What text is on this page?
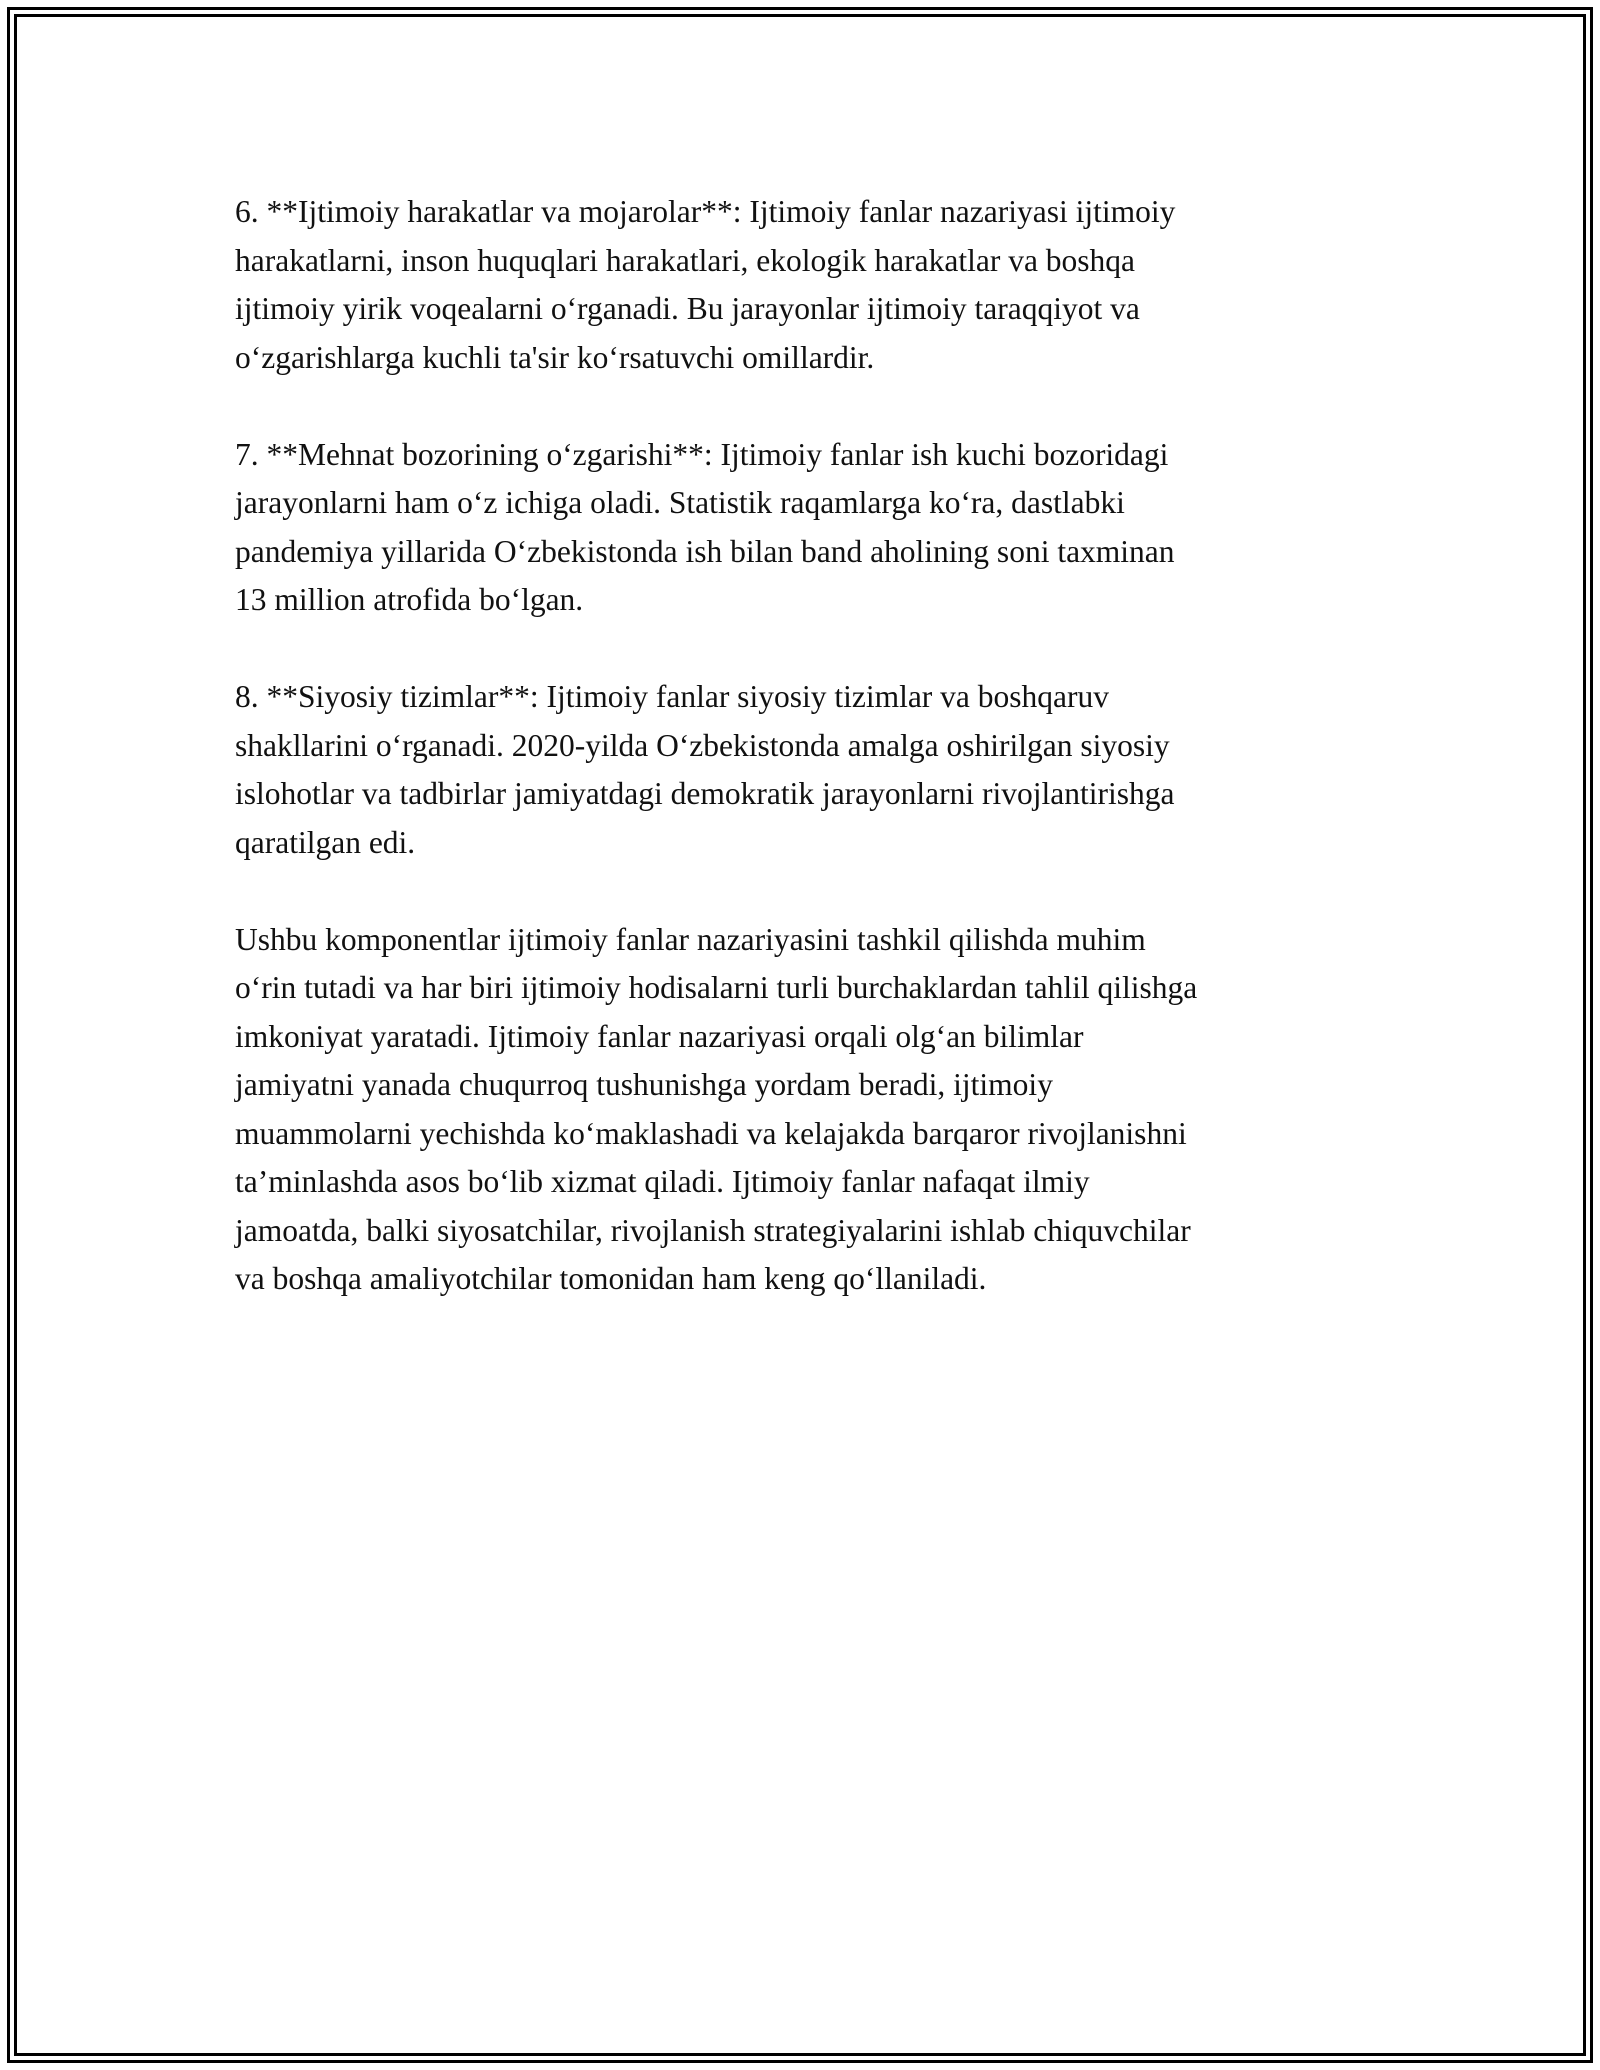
6. **Ijtimoiy harakatlar va mojarolar**: Ijtimoiy fanlar nazariyasi ijtimoiy
harakatlarni, inson huquqlari harakatlari, ekologik harakatlar va boshqa
ijtimoiy yirik voqealarni o‘rganadi. Bu jarayonlar ijtimoiy taraqqiyot va
o‘zgarishlarga kuchli ta'sir ko‘rsatuvchi omillardir.

7. **Mehnat bozorining o‘zgarishi**: Ijtimoiy fanlar ish kuchi bozoridagi
jarayonlarni ham o‘z ichiga oladi. Statistik raqamlarga ko‘ra, dastlabki
pandemiya yillarida O‘zbekistonda ish bilan band aholining soni taxminan
13 million atrofida bo‘lgan.

8. **Siyosiy tizimlar**: Ijtimoiy fanlar siyosiy tizimlar va boshqaruv
shakllarini o‘rganadi. 2020-yilda O‘zbekistonda amalga oshirilgan siyosiy
islohotlar va tadbirlar jamiyatdagi demokratik jarayonlarni rivojlantirishga
qaratilgan edi.

Ushbu komponentlar ijtimoiy fanlar nazariyasini tashkil qilishda muhim
o‘rin tutadi va har biri ijtimoiy hodisalarni turli burchaklardan tahlil qilishga
imkoniyat yaratadi. Ijtimoiy fanlar nazariyasi orqali olg‘an bilimlar
jamiyatni yanada chuqurroq tushunishga yordam beradi, ijtimoiy
muammolarni yechishda ko‘maklashadi va kelajakda barqaror rivojlanishni
ta’minlashda asos bo‘lib xizmat qiladi. Ijtimoiy fanlar nafaqat ilmiy
jamoatda, balki siyosatchilar, rivojlanish strategiyalarini ishlab chiquvchilar
va boshqa amaliyotchilar tomonidan ham keng qo‘llaniladi.
